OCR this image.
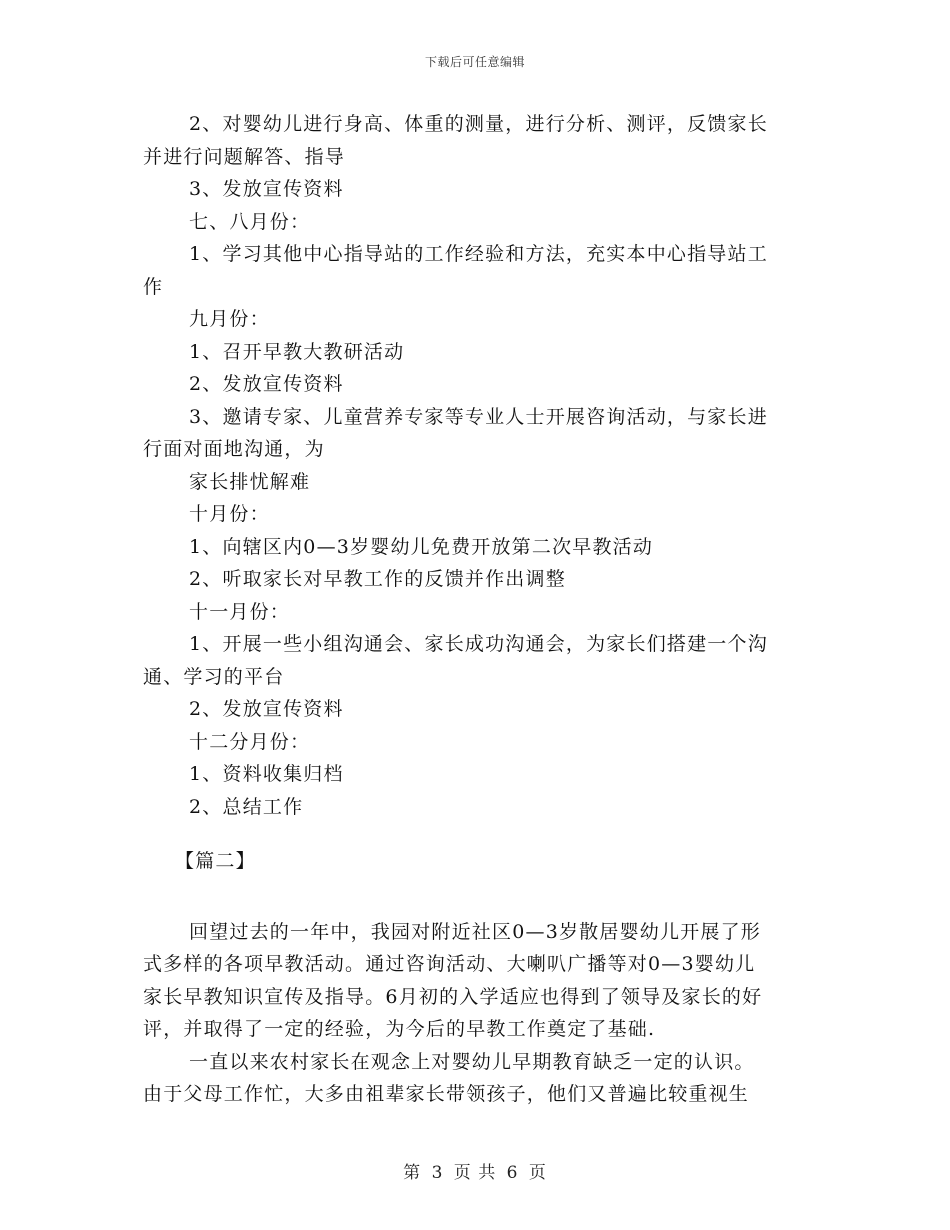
下载后可任意编辑
2、对婴幼儿进行身高、体重的测量，进行分析、测评，反馈家长
并进行问题解答、指导
3、发放宣传资料
七、八月份：
1、学习其他中心指导站的工作经验和方法，充实本中心指导站工
作
九月份：
1、召开早教大教研活动
2、发放宣传资料
3、邀请专家、儿童营养专家等专业人士开展咨询活动，与家长进
行面对面地沟通，为
家长排忧解难
十月份：
1、向辖区内0—3岁婴幼儿免费开放第二次早教活动
2、听取家长对早教工作的反馈并作出调整
十一月份：
1、开展一些小组沟通会、家长成功沟通会，为家长们搭建一个沟
通、学习的平台
2、发放宣传资料
十二分月份：
1、资料收集归档
2、总结工作
【篇二】
回望过去的一年中，我园对附近社区0—3岁散居婴幼儿开展了形
式多样的各项早教活动。通过咨询活动、大喇叭广播等对0—3婴幼儿
家长早教知识宣传及指导。6月初的入学适应也得到了领导及家长的好
评，并取得了一定的经验，为今后的早教工作奠定了基础.
一直以来农村家长在观念上对婴幼儿早期教育缺乏一定的认识。
由于父母工作忙，大多由祖辈家长带领孩子，他们又普遍比较重视生
第 3 页 共 6 页
